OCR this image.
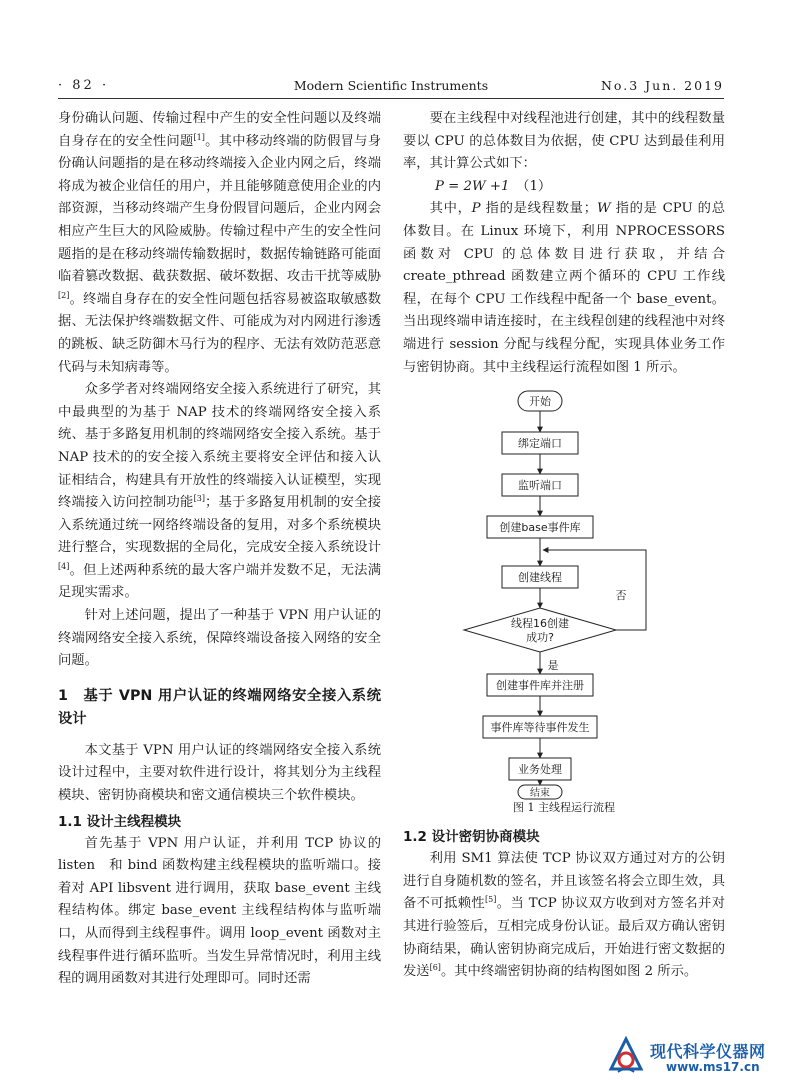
· 82 ·	Modern Scientific Instruments	No.3 Jun. 2019

身份确认问题、传输过程中产生的安全性问题以及终端自身存在的安全性问题[1]。其中移动终端的防假冒与身份确认问题指的是在移动终端接入企业内网之后，终端将成为被企业信任的用户，并且能够随意使用企业的内部资源，当移动终端产生身份假冒问题后，企业内网会相应产生巨大的风险威胁。传输过程中产生的安全性问题指的是在移动终端传输数据时，数据传输链路可能面临着篡改数据、截获数据、破坏数据、攻击干扰等威胁[2]。终端自身存在的安全性问题包括容易被盗取敏感数据、无法保护终端数据文件、可能成为对内网进行渗透的跳板、缺乏防御木马行为的程序、无法有效防范恶意代码与未知病毒等。

众多学者对终端网络安全接入系统进行了研究，其中最典型的为基于 NAP 技术的终端网络安全接入系统、基于多路复用机制的终端网络安全接入系统。基于 NAP 技术的的安全接入系统主要将安全评估和接入认证相结合，构建具有开放性的终端接入认证模型，实现终端接入访问控制功能[3]；基于多路复用机制的安全接入系统通过统一网络终端设备的复用，对多个系统模块进行整合，实现数据的全局化，完成安全接入系统设计[4]。但上述两种系统的最大客户端并发数不足，无法满足现实需求。

针对上述问题，提出了一种基于 VPN 用户认证的终端网络安全接入系统，保障终端设备接入网络的安全问题。

1　基于 VPN 用户认证的终端网络安全接入系统设计

本文基于 VPN 用户认证的终端网络安全接入系统设计过程中，主要对软件进行设计，将其划分为主线程模块、密钥协商模块和密文通信模块三个软件模块。

1.1 设计主线程模块

首先基于 VPN 用户认证，并利用 TCP 协议的 listen　和 bind 函数构建主线程模块的监听端口。接着对 API libsvent 进行调用，获取 base_event 主线程结构体。绑定 base_event 主线程结构体与监听端口，从而得到主线程事件。调用 loop_event 函数对主线程事件进行循环监听。当发生异常情况时，利用主线程的调用函数对其进行处理即可。同时还需

要在主线程中对线程池进行创建，其中的线程数量要以 CPU 的总体数目为依据，使 CPU 达到最佳利用率，其计算公式如下：

P = 2W +1　 （1）

其中，P 指的是线程数量；W 指的是 CPU 的总体数目。在 Linux 环境下，利用 NPROCESSORS 函数对 CPU 的总体数目进行获取，并结合 create_pthread 函数建立两个循环的 CPU 工作线程，在每个 CPU 工作线程中配备一个 base_event。当出现终端申请连接时，在主线程创建的线程池中对终端进行 session 分配与线程分配，实现具体业务工作与密钥协商。其中主线程运行流程如图 1 所示。

开始
绑定端口
监听端口
创建base事件库
创建线程
线程16创建
成功?
否
是
创建事件库并注册
事件库等待事件发生
业务处理
结束

图 1 主线程运行流程

1.2 设计密钥协商模块

利用 SM1 算法使 TCP 协议双方通过对方的公钥进行自身随机数的签名，并且该签名将会立即生效，具备不可抵赖性[5]。当 TCP 协议双方收到对方签名并对其进行验签后，互相完成身份认证。最后双方确认密钥协商结果，确认密钥协商完成后，开始进行密文数据的发送[6]。其中终端密钥协商的结构图如图 2 所示。

现代科学仪器网
www.ms17.cn
